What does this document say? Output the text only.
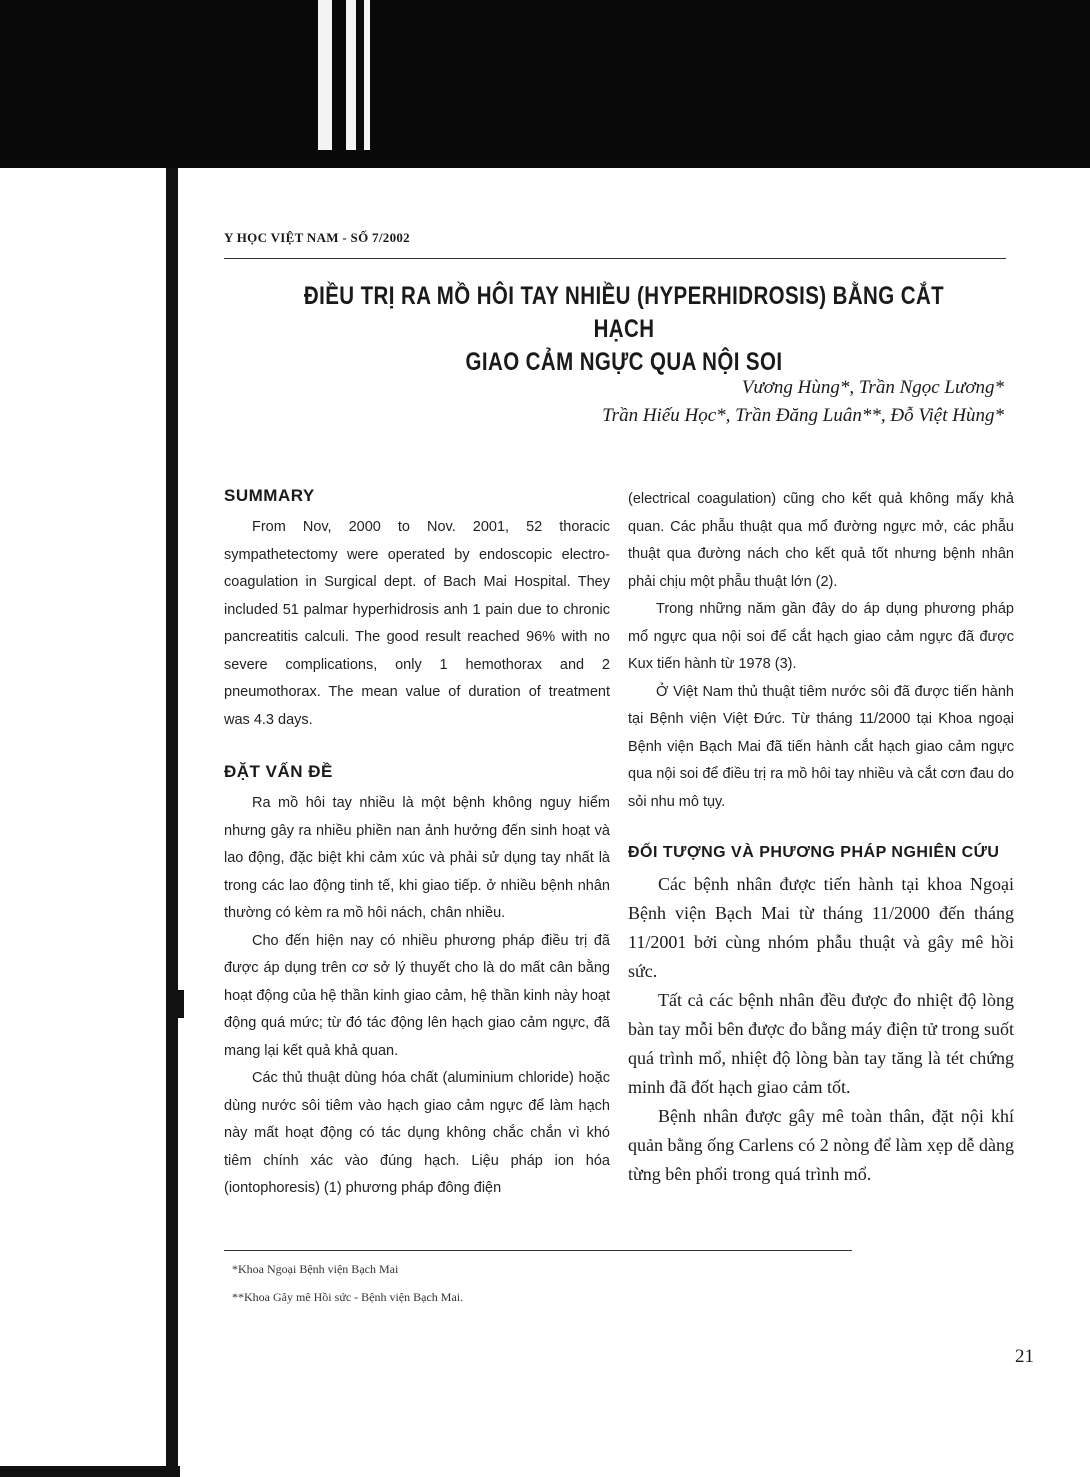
Y HỌC VIỆT NAM - SỐ 7/2002
ĐIỀU TRỊ RA MỒ HÔI TAY NHIỀU (HYPERHIDROSIS) BẰNG CẮT HẠCH
GIAO CẢM NGỰC QUA NỘI SOI
Vương Hùng*, Trần Ngọc Lương*
Trần Hiếu Học*, Trần Đăng Luân**, Đỗ Việt Hùng*
SUMMARY

From Nov, 2000 to Nov. 2001, 52 thoracic sympathetectomy were operated by endoscopic electro-coagulation in Surgical dept. of Bach Mai Hospital. They included 51 palmar hyperhidrosis anh 1 pain due to chronic pancreatitis calculi. The good result reached 96% with no severe complications, only 1 hemothorax and 2 pneumothorax. The mean value of duration of treatment was 4.3 days.

ĐẶT VẤN ĐỀ

Ra mồ hôi tay nhiều là một bệnh không nguy hiểm nhưng gây ra nhiều phiền nan ảnh hưởng đến sinh hoạt và lao động, đặc biệt khi cảm xúc và phải sử dụng tay nhất là trong các lao động tinh tế, khi giao tiếp. ở nhiều bệnh nhân thường có kèm ra mồ hôi nách, chân nhiều.

Cho đến hiện nay có nhiều phương pháp điều trị đã được áp dụng trên cơ sở lý thuyết cho là do mất cân bằng hoạt động của hệ thần kinh giao cảm, hệ thần kinh này hoạt động quá mức; từ đó tác động lên hạch giao cảm ngực, đã mang lại kết quả khả quan.

Các thủ thuật dùng hóa chất (aluminium chloride) hoặc dùng nước sôi tiêm vào hạch giao cảm ngực để làm hạch này mất hoạt động có tác dụng không chắc chắn vì khó tiêm chính xác vào đúng hạch. Liệu pháp ion hóa (iontophoresis) (1) phương pháp đông điện

(electrical coagulation) cũng cho kết quả không mấy khả quan. Các phẫu thuật qua mổ đường ngực mở, các phẫu thuật qua đường nách cho kết quả tốt nhưng bệnh nhân phải chịu một phẫu thuật lớn (2).

Trong những năm gần đây do áp dụng phương pháp mổ ngực qua nội soi để cắt hạch giao cảm ngực đã được Kux tiến hành từ 1978 (3).

Ở Việt Nam thủ thuật tiêm nước sôi đã được tiến hành tại Bệnh viện Việt Đức. Từ tháng 11/2000 tại Khoa ngoại Bệnh viện Bạch Mai đã tiến hành cắt hạch giao cảm ngực qua nội soi để điều trị ra mồ hôi tay nhiều và cắt cơn đau do sỏi nhu mô tụy.

ĐỐI TƯỢNG VÀ PHƯƠNG PHÁP NGHIÊN CỨU

Các bệnh nhân được tiến hành tại khoa Ngoại Bệnh viện Bạch Mai từ tháng 11/2000 đến tháng 11/2001 bởi cùng nhóm phẫu thuật và gây mê hồi sức.

Tất cả các bệnh nhân đều được đo nhiệt độ lòng bàn tay mỗi bên được đo bằng máy điện tử trong suốt quá trình mổ, nhiệt độ lòng bàn tay tăng là tét chứng minh đã đốt hạch giao cảm tốt.

Bệnh nhân được gây mê toàn thân, đặt nội khí quản bằng ống Carlens có 2 nòng để làm xẹp dễ dàng từng bên phổi trong quá trình mổ.

*Khoa Ngoại Bệnh viện Bạch Mai
**Khoa Gây mê Hồi sức - Bệnh viện Bạch Mai.
21
